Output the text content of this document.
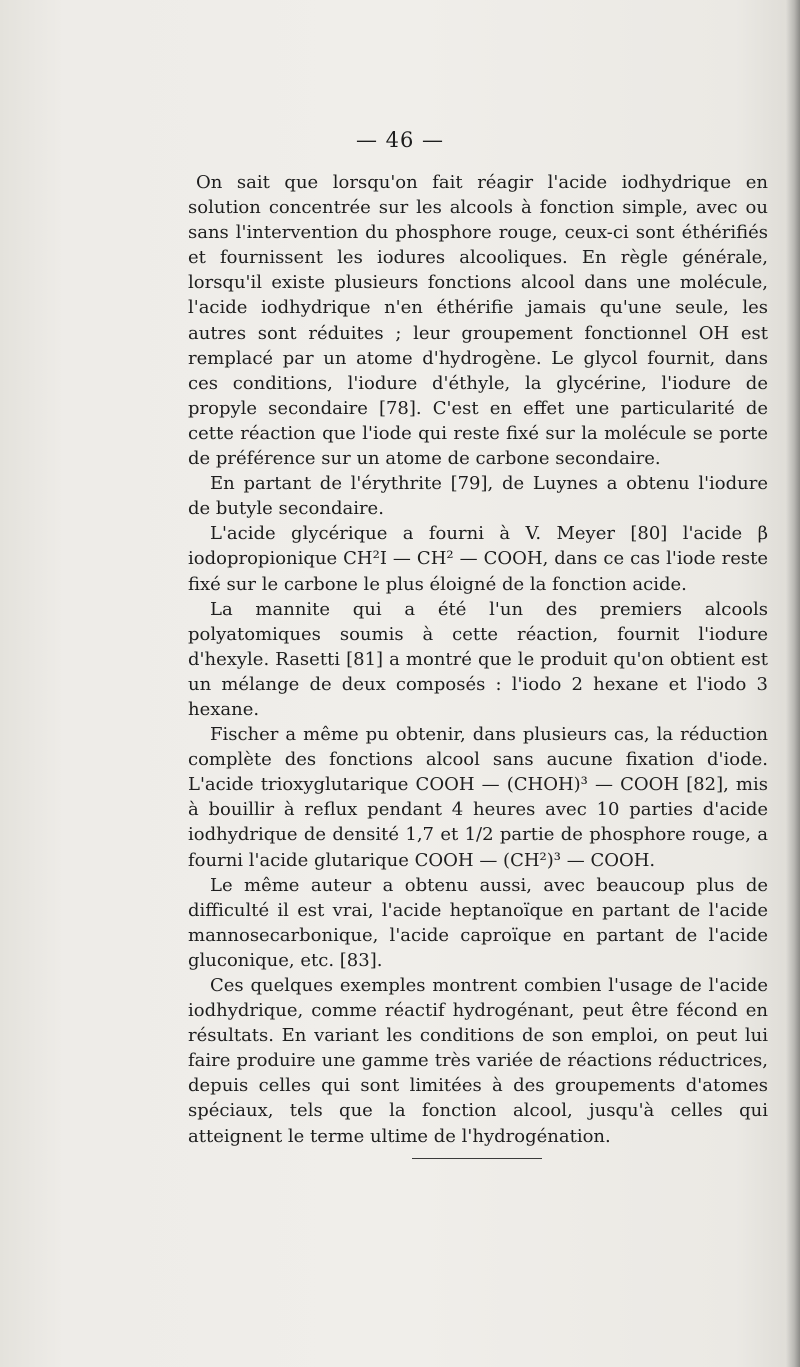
— 46 —

On sait que lorsqu'on fait réagir l'acide iodhydrique en solution concentrée sur les alcools à fonction simple, avec ou sans l'intervention du phosphore rouge, ceux-ci sont éthérifiés et fournissent les iodures alcooliques. En règle générale, lorsqu'il existe plusieurs fonctions alcool dans une molécule, l'acide iodhydrique n'en éthérifie jamais qu'une seule, les autres sont réduites ; leur groupement fonctionnel OH est remplacé par un atome d'hydrogène. Le glycol fournit, dans ces conditions, l'iodure d'éthyle, la glycérine, l'iodure de propyle secondaire [78]. C'est en effet une particularité de cette réaction que l'iode qui reste fixé sur la molécule se porte de préférence sur un atome de carbone secondaire.

En partant de l'érythrite [79], de Luynes a obtenu l'iodure de butyle secondaire.

L'acide glycérique a fourni à V. Meyer [80] l'acide β iodopropionique CH²I — CH² — COOH, dans ce cas l'iode reste fixé sur le carbone le plus éloigné de la fonction acide.

La mannite qui a été l'un des premiers alcools polyatomiques soumis à cette réaction, fournit l'iodure d'hexyle. Rasetti [81] a montré que le produit qu'on obtient est un mélange de deux composés : l'iodo 2 hexane et l'iodo 3 hexane.

Fischer a même pu obtenir, dans plusieurs cas, la réduction complète des fonctions alcool sans aucune fixation d'iode. L'acide trioxyglutarique COOH — (CHOH)³ — COOH [82], mis à bouillir à reflux pendant 4 heures avec 10 parties d'acide iodhydrique de densité 1,7 et 1/2 partie de phosphore rouge, a fourni l'acide glutarique COOH — (CH²)³ — COOH.

Le même auteur a obtenu aussi, avec beaucoup plus de difficulté il est vrai, l'acide heptanoïque en partant de l'acide mannosecarbonique, l'acide caproïque en partant de l'acide gluconique, etc. [83].

Ces quelques exemples montrent combien l'usage de l'acide iodhydrique, comme réactif hydrogénant, peut être fécond en résultats. En variant les conditions de son emploi, on peut lui faire produire une gamme très variée de réactions réductrices, depuis celles qui sont limitées à des groupements d'atomes spéciaux, tels que la fonction alcool, jusqu'à celles qui atteignent le terme ultime de l'hydrogénation.
